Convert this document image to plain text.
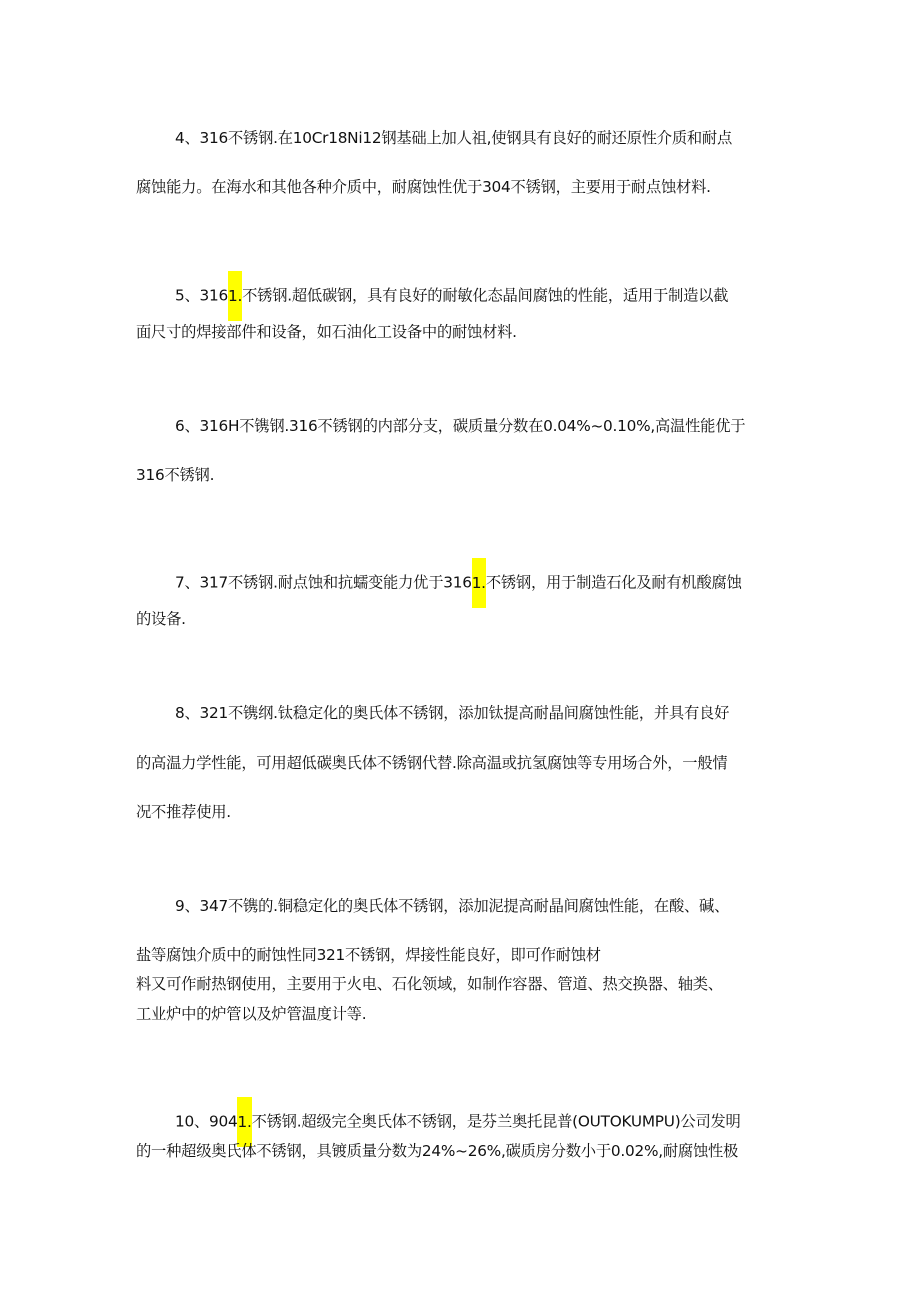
4、316不锈钢.在10Cr18Ni12钢基础上加人祖,使钢具有良好的耐还原性介质和耐点
腐蚀能力。在海水和其他各种介质中，耐腐蚀性优于304不锈钢，主要用于耐点蚀材料.
5、3161.不锈钢.超低碳钢，具有良好的耐敏化态晶间腐蚀的性能，适用于制造以截
面尺寸的焊接部件和设备，如石油化工设备中的耐蚀材料.
6、316H不镌钢.316不锈钢的内部分支，碳质量分数在0.04%~0.10%,高温性能优于
316不锈钢.
7、317不锈钢.耐点蚀和抗蠕变能力优于3161.不锈钢，用于制造石化及耐有机酸腐蚀
的设备.
8、321不镌纲.钛稳定化的奥氏体不锈钢，添加钛提高耐晶间腐蚀性能，并具有良好
的高温力学性能，可用超低碳奥氏体不锈钢代替.除高温或抗氢腐蚀等专用场合外，一般情
况不推荐使用.
9、347不镌的.铜稳定化的奥氏体不锈钢，添加泥提高耐晶间腐蚀性能，在酸、碱、
盐等腐蚀介质中的耐蚀性同321不锈钢，焊接性能良好，即可作耐蚀材
料又可作耐热钢使用，主要用于火电、石化领域，如制作容器、管道、热交换器、轴类、
工业炉中的炉管以及炉管温度计等.
10、9041.不锈钢.超级完全奥氏体不锈钢，是芬兰奥托昆普(OUTOKUMPU)公司发明
的一种超级奥氏体不锈钢，具镀质量分数为24%~26%,碳质房分数小于0.02%,耐腐蚀性极
